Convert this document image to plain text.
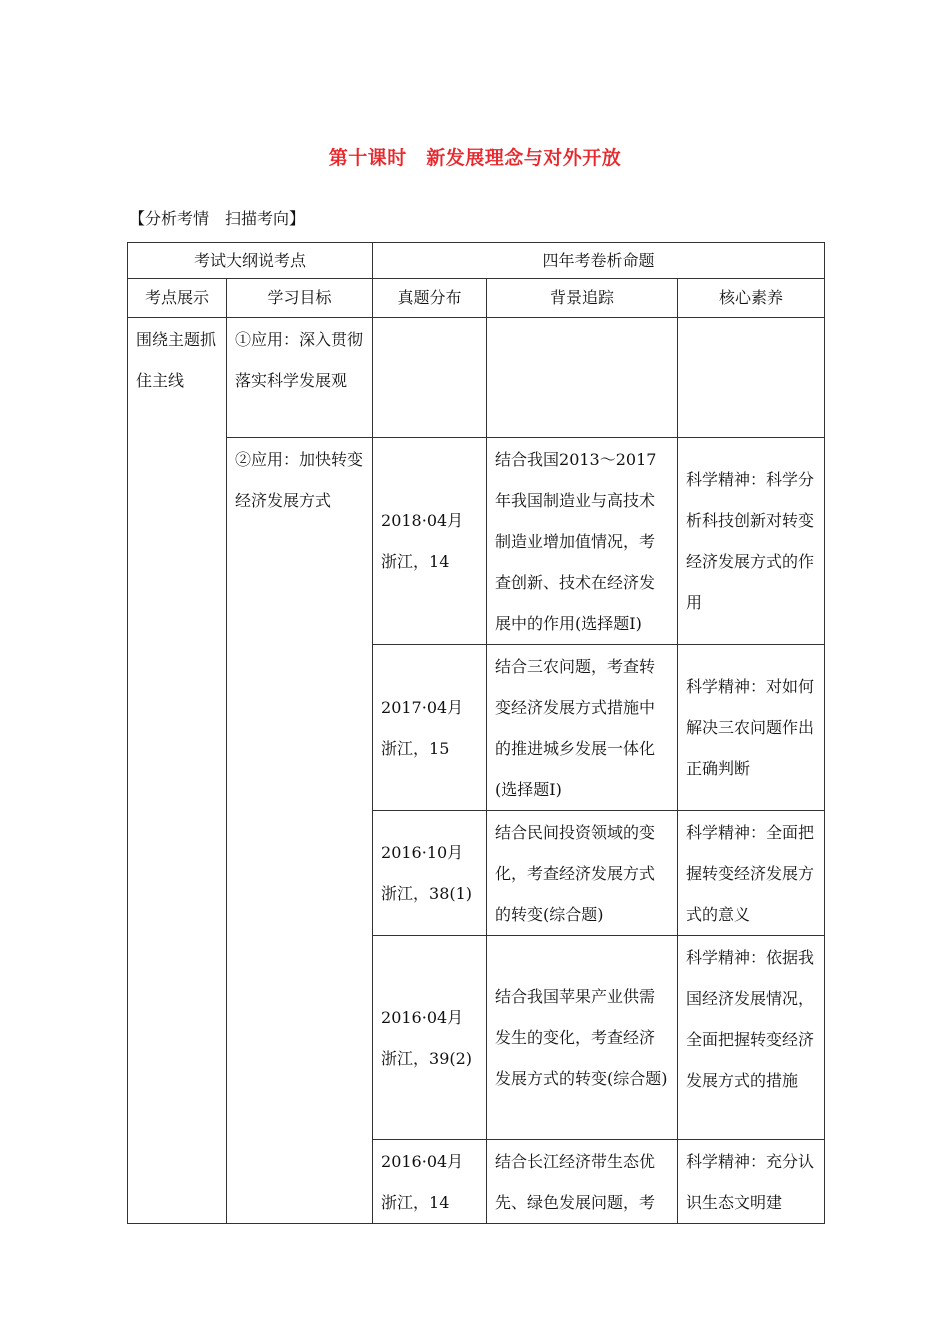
第十课时　新发展理念与对外开放
【分析考情　扫描考向】
考试大纲说考点		四年考卷析命题		
考点展示	学习目标	真题分布	背景追踪	核心素养
围绕主题抓住主线	①应用：深入贯彻落实科学发展观			
	②应用：加快转变经济发展方式	2018·04月浙江，14	结合我国2013～2017年我国制造业与高技术制造业增加值情况，考查创新、技术在经济发展中的作用(选择题Ⅰ)	科学精神：科学分析科技创新对转变经济发展方式的作用
		2017·04月浙江，15	结合三农问题，考查转变经济发展方式措施中的推进城乡发展一体化(选择题Ⅰ)	科学精神：对如何解决三农问题作出正确判断
		2016·10月浙江，38(1)	结合民间投资领域的变化，考查经济发展方式的转变(综合题)	科学精神：全面把握转变经济发展方式的意义
		2016·04月浙江，39(2)	结合我国苹果产业供需发生的变化，考查经济发展方式的转变(综合题)	科学精神：依据我国经济发展情况，全面把握转变经济发展方式的措施
		2016·04月浙江，14	结合长江经济带生态优先、绿色发展问题，考	科学精神：充分认识生态文明建
